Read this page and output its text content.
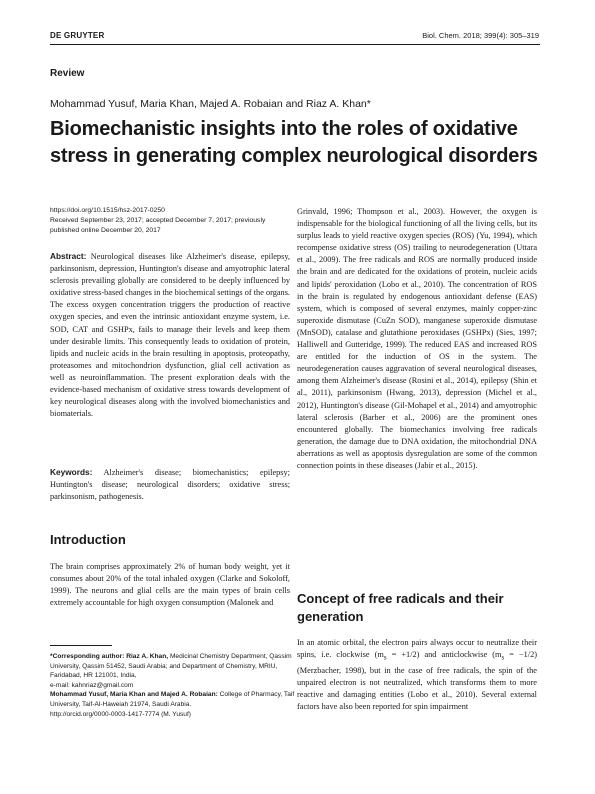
DE GRUYTER	Biol. Chem. 2018; 399(4): 305–319
Review
Mohammad Yusuf, Maria Khan, Majed A. Robaian and Riaz A. Khan*
Biomechanistic insights into the roles of oxidative stress in generating complex neurological disorders
https://doi.org/10.1515/hsz-2017-0250
Received September 23, 2017; accepted December 7, 2017; previously published online December 20, 2017

Abstract: Neurological diseases like Alzheimer's disease, epilepsy, parkinsonism, depression, Huntington's disease and amyotrophic lateral sclerosis prevailing globally are considered to be deeply influenced by oxidative stress-based changes in the biochemical settings of the organs. The excess oxygen concentration triggers the production of reactive oxygen species, and even the intrinsic antioxidant enzyme system, i.e. SOD, CAT and GSHPx, fails to manage their levels and keep them under desirable limits. This consequently leads to oxidation of protein, lipids and nucleic acids in the brain resulting in apoptosis, proteopathy, proteasomes and mitochondrion dysfunction, glial cell activation as well as neuroinflammation. The present exploration deals with the evidence-based mechanism of oxidative stress towards development of key neurological diseases along with the involved biomechanistics and biomaterials.

Keywords: Alzheimer's disease; biomechanistics; epilepsy; Huntington's disease; neurological disorders; oxidative stress; parkinsonism, pathogenesis.

Introduction
The brain comprises approximately 2% of human body weight, yet it consumes about 20% of the total inhaled oxygen (Clarke and Sokoloff, 1999). The neurons and glial cells are the main types of brain cells extremely accountable for high oxygen consumption (Malonek and
*Corresponding author: Riaz A. Khan, Medicinal Chemistry Department, Qassim University, Qassim 51452, Saudi Arabia; and Department of Chemistry, MRIU, Faridabad, HR 121001, India,
e-mail: kahnriaz@gmail.com
Mohammad Yusuf, Maria Khan and Majed A. Robaian: College of Pharmacy, Taif University, Taif-Al-Haweiah 21974, Saudi Arabia.
http://orcid.org/0000-0003-1417-7774 (M. Yusuf)
Grinvald, 1996; Thompson et al., 2003). However, the oxygen is indispensable for the biological functioning of all the living cells, but its surplus leads to yield reactive oxygen species (ROS) (Yu, 1994), which recompense oxidative stress (OS) trailing to neurodegeneration (Uttara et al., 2009). The free radicals and ROS are normally produced inside the brain and are dedicated for the oxidations of protein, nucleic acids and lipids' peroxidation (Lobo et al., 2010). The concentration of ROS in the brain is regulated by endogenous antioxidant defense (EAS) system, which is composed of several enzymes, mainly copper-zinc superoxide dismutase (CuZn SOD), manganese superoxide dismutase (MnSOD), catalase and glutathione peroxidases (GSHPx) (Sies, 1997; Halliwell and Gutteridge, 1999). The reduced EAS and increased ROS are entitled for the induction of OS in the system. The neurodegeneration causes aggravation of several neurological diseases, among them Alzheimer's disease (Rosini et al., 2014), epilepsy (Shin et al., 2011), parkinsonism (Hwang, 2013), depression (Michel et al., 2012), Huntington's disease (Gil-Mohapel et al., 2014) and amyotrophic lateral sclerosis (Barber et al., 2006) are the prominent ones encountered globally. The biomechanics involving free radicals generation, the damage due to DNA oxidation, the mitochondrial DNA aberrations as well as apoptosis dysregulation are some of the common connection points in these diseases (Jabir et al., 2015).
Concept of free radicals and their generation

In an atomic orbital, the electron pairs always occur to neutralize their spins, i.e. clockwise $(m_s = +1/2)$ and anticlockwise $(m_s = -1/2)$ (Merzbacher, 1998), but in the case of free radicals, the spin of the unpaired electron is not neutralized, which transforms them to more reactive and damaging entities (Lobo et al., 2010). Several external factors have also been reported for spin impairment
